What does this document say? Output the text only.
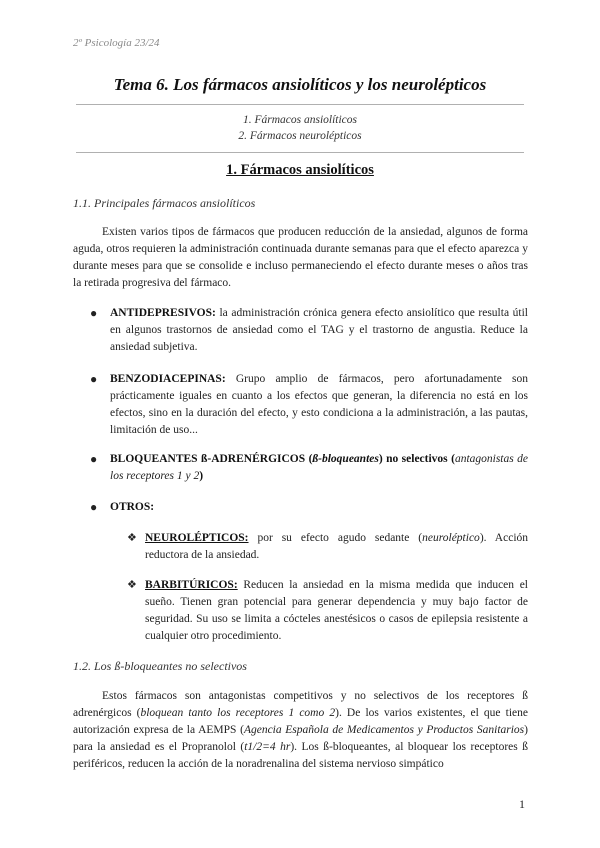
2º Psicología 23/24
Tema 6. Los fármacos ansiolíticos y los neurolépticos
1. Fármacos ansiolíticos
2. Fármacos neurolépticos
1. Fármacos ansiolíticos
1.1. Principales fármacos ansiolíticos

Existen varios tipos de fármacos que producen reducción de la ansiedad, algunos de forma aguda, otros requieren la administración continuada durante semanas para que el efecto aparezca y durante meses para que se consolide e incluso permaneciendo el efecto durante meses o años tras la retirada progresiva del fármaco.

● ANTIDEPRESIVOS: la administración crónica genera efecto ansiolítico que resulta útil en algunos trastornos de ansiedad como el TAG y el trastorno de angustia. Reduce la ansiedad subjetiva.
● BENZODIACEPINAS: Grupo amplio de fármacos, pero afortunadamente son prácticamente iguales en cuanto a los efectos que generan, la diferencia no está en los efectos, sino en la duración del efecto, y esto condiciona a la administración, a las pautas, limitación de uso...
● BLOQUEANTES ß-ADRENÉRGICOS (ß-bloqueantes) no selectivos (antagonistas de los receptores 1 y 2)
● OTROS:
❖ NEUROLÉPTICOS: por su efecto agudo sedante (neuroléptico). Acción reductora de la ansiedad.
❖ BARBITÚRICOS: Reducen la ansiedad en la misma medida que inducen el sueño. Tienen gran potencial para generar dependencia y muy bajo factor de seguridad. Su uso se limita a cócteles anestésicos o casos de epilepsia resistente a cualquier otro procedimiento.
1.2. Los ß-bloqueantes no selectivos

Estos fármacos son antagonistas competitivos y no selectivos de los receptores ß adrenérgicos (bloquean tanto los receptores 1 como 2). De los varios existentes, el que tiene autorización expresa de la AEMPS (Agencia Española de Medicamentos y Productos Sanitarios) para la ansiedad es el Propranolol (t1/2=4 hr). Los ß-bloqueantes, al bloquear los receptores ß periféricos, reducen la acción de la noradrenalina del sistema nervioso simpático

1
